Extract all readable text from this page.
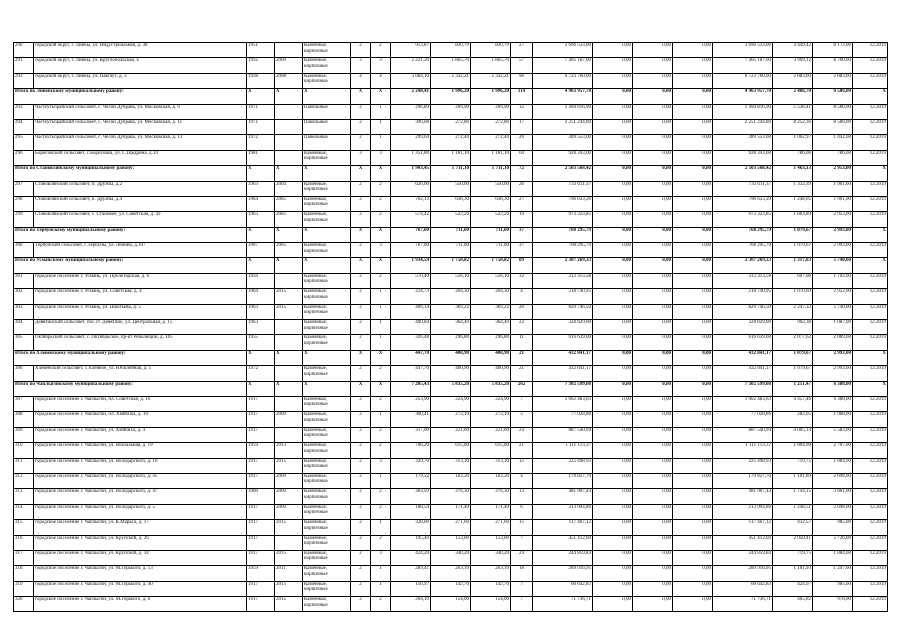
290	городской округ, г. Ливны, ул. Индустриальная, д. 38	1951		Каменные, кирпичные	2	2	913,87	830,79	830,79	27	3 696 533,00	0,00	0,00	0,00	3 696 533,00	4 449,42	8 172,00	12.2019
291	городской округ, г. Ливны, ул. Круглопольская, 4	1932	2009	Каменные, кирпичные	3	3	2 231,20	1 865,70	1 865,70	57	7 405 187,00	0,00	0,00	0,00	7 405 187,00	3 969,12	8 700,00	12.2019
292	городской округ, г. Ливны, ул. Пакгауз, д. 3	1938	2008	Каменные, кирпичные	4	4	3 684,10	2 332,21	2 332,21	96	6 723 760,00	0,00	0,00	0,00	6 723 760,00	2 883,00	2 883,00	12.2019
Итого по Ливенскому муниципальному району:		X	X	X	X	X	2 248,41	1 996,20	1 996,20	114	4 963 957,70	0,00	0,00	0,00	4 963 957,70	2 486,70	8 586,00	X
293	Частоутьбрайский сельсовет, с. Чесон Дубрава, ул. Московская, д. 9	1971		Панельные	2	1	296,89	269,90	269,90	12	1 494 816,90	0,00	0,00	0,00	1 494 816,90	5 538,41	8 586,00	12.2019
294	Частоутьбрайский сельсовет, с. Чесон Дубрава, ул. Московская, д. 11	1971		Панельные	2	1	390,08	272,80	272,80	17	2 251 244,80	0,00	0,00	0,00	2 251 244,80	8 252,36	8 586,00	12.2019
295	Частоутьбрайский сельсовет, с. Чесон Дубрава, ул. Московская, д. 13	1972		Панельные	2	1	299,64	272,40	272,40	20	289 553,00	0,00	0,00	0,00	289 553,00	1 062,97	1 442,00	12.2019
296	Борисовский сельсовет, с.Борисовка, ул. С.Щедрина, д.14	1981		Каменные, кирпичные	3	3	1 351,80	1 181,10	1 181,10	64	928 343,00	0,00	0,00	0,00	928 343,00	786,06	786,00	12.2019
Итого по Становлянскому муниципальному району:		X	X	X	X	X	1 903,45	1 711,10	1 711,10	72	2 503 568,42	0,00	0,00	0,00	2 503 568,42	1 463,13	2 953,00	X
297	Становлянский сельсовет, п. Дружба, д.2	1963	2004	Каменные, кирпичные	2	2	626,00	550,60	550,60	26	733 611,37	0,00	0,00	0,00	733 611,37	1 332,39	1 901,00	12.2019
298	Становлянский сельсовет, п. Дружба, д.4	1964	2005	Каменные, кирпичные	2	2	702,13	638,30	638,30	27	796 633,20	0,00	0,00	0,00	796 633,20	1 248,05	1 901,00	12.2019
299	Становлянский сельсовет, с. Становое, ул. Советская, д. 43	1963	2005	Каменные, кирпичные	2	2	574,42	522,20	522,20	19	973 323,85	0,00	0,00	0,00	973 323,85	1 863,89	2 953,00	12.2019
Итого по Тербунскому муниципальному району:		X	X	X	X	X	767,60	711,60	711,60	37	768 295,79	0,00	0,00	0,00	768 295,79	1 079,67	2 993,00	X
300	Тербунский сельсовет, с.Тербуны, ул. Ленина, д.107	1967	2005	Каменные, кирпичные	2	3	767,60	711,60	711,60	37	768 295,79	0,00	0,00	0,00	768 295,79	1 079,67	2 993,00	12.2019
Итого по Усманскому муниципальному району:		X	X	X	X	X	1 934,59	1 750,82	1 750,82	89	2 307 269,33	0,00	0,00	0,00	2 307 269,33	1 317,83	5 740,00	X
301	городское поселение г. Усмань, ул. Пролетарская, д. 6	1950		Каменные, кирпичные	2	2	570,40	516,10	516,10	32	313 313,58	0,00	0,00	0,00	313 313,58	607,08	1 702,00	12.2019
302	городское поселение г. Усмань, ул. Советская, д. 4	1964	2015	Каменные, кирпичные	2	1	224,73	204,30	204,30	4	218 740,95	0,00	0,00	0,00	218 740,95	1 070,69	2 952,00	12.2019
303	городское поселение г. Усмань, ул. Шкотьевь, д. 5	1963	2015	Каменные, кирпичные	2	1	406,14	369,22	369,22	20	829 746,50	0,00	0,00	0,00	829 746,50	2 247,33	5 740,00	12.2019
304	Девятинский сельсовет, пос.ст. Девятино, ул. Центральная, д. 15	1963		Каменные, кирпичные	2	1	400,84	364,40	364,40	22	328 829,00	0,00	0,00	0,00	328 829,00	902,38	1 087,00	12.2019
305	Октябрьский сельсовет, с. Октябрьское, пр-кт Революции, д. 105	1955		Каменные, кирпичные	2	1	326,48	296,80	296,80	11	616 639,00	0,00	0,00	0,00	616 639,00	2 077,62	2 089,00	12.2019
Итого по Хлевенскому муниципальному району:		X	X	X	X	X	447,70	400,90	400,90	21	432 841,17	0,00	0,00	0,00	432 841,17	1 079,67	2 993,00	X
306	Хлевенский сельсовет, с.Хлевное, ул. Юбилейная, д. 5	1972		Каменные, кирпичные	2	2	447,70	400,90	400,90	21	432 841,17	0,00	0,00	0,00	432 841,17	1 079,67	2 993,00	12.2019
Итого по Чаплыгинскому муниципальному району:		X	X	X	X	X	7 205,43	5 835,20	5 835,20	262	7 302 599,08	0,00	0,00	0,00	7 302 599,08	1 251,47	6 388,00	X
307	городское поселение г. Чаплыгин, пл. Советская, д. 16	1917		Каменные, кирпичные	2	2	253,90	224,90	224,90	7	1 002 483,63	0,00	0,00	0,00	1 002 483,63	4 457,46	6 388,00	12.2019
308	городское поселение г. Чаплыгин, пл. Хмйбиха, д. 10	1917	2009	Каменные, кирпичные	2	1	300,41	273,10	273,10	5	77 028,86	0,00	0,00	0,00	77 028,86	282,05	1 988,00	12.2019
309	городское поселение г. Чаплыгин, ул. Хмйбиха, д. 4	1917		Каменные, кирпичные	2	2	317,00	221,60	221,60	24	887 540,94	0,00	0,00	0,00	887 540,94	4 005,14	5 583,00	12.2019
310	городское поселение г. Чаплыгин, ул. Вокзальная, д. 19	1959	2013	Каменные, кирпичные	2	2	706,20	615,60	615,60	21	1 111 113,37	0,00	0,00	0,00	1 111 113,37	1 804,99	2 707,00	12.2019
311	городское поселение г. Чаплыгин, ул. Володарского, д. 10	1917	2015	Каменные, кирпичные	2	3	329,70	313,30	313,30	15	225 498,93	0,00	0,00	0,00	225 498,93	719,75	1 884,00	12.2019
312	городское поселение г. Чаплыгин, ул. Володарского, д. 45	1917	2009	Каменные, кирпичные	2	1	179,52	163,20	163,20	4	179 827,70	0,00	0,00	0,00	179 827,70	1 101,89	2 698,00	12.2019
313	городское поселение г. Чаплыгин, ул. Володарского, д. 47	1960	2009	Каменные, кирпичные	2	2	303,93	276,30	276,30	13	481 907,44	0,00	0,00	0,00	481 907,44	1 744,15	3 861,00	12.2019
314	городское поселение г. Чаплыгин, ул. Володарского, д. 5	1917	2009	Каменные, кирпичные	2	2	188,54	171,40	171,40	6	213 994,86	0,00	0,00	0,00	213 994,86	1 248,51	2 698,00	12.2019
315	городское поселение г. Чаплыгин, ул. К.Маркса, д. 17	1917	2015	Каменные, кирпичные	2	1	328,00	271,60	271,60	15	117 467,12	0,00	0,00	0,00	117 467,12	432,57	985,00	12.2019
316	городское поселение г. Чаплыгин, ул. Крупской, д. 26	1917		Каменные, кирпичные	2	2	195,40	153,00	153,00	7	451 412,69	0,00	0,00	0,00	451 412,69	2 950,41	5 726,00	12.2019
317	городское поселение г. Чаплыгин, ул. Крупской, д. 34	1917	2015	Каменные, кирпичные	2	3	424,20	340,20	340,20	24	244 859,84	0,00	0,00	0,00	244 859,84	719,75	1 884,00	12.2019
318	городское поселение г. Чаплыгин, ул. М.Горького, д. 13	1959	2011	Каменные, кирпичные	2	1	289,41	263,10	263,10	18	289 916,95	0,00	0,00	0,00	289 916,95	1 101,93	1 247,00	12.2019
319	городское поселение г. Чаплыгин, ул. М.Горького, д. 40	1917	2015	Каменные, кирпичные	2	1	156,97	142,70	142,70	7	60 642,83	0,00	0,00	0,00	60 642,83	424,97	985,00	12.2019
320	городское поселение г. Чаплыгин, ул. М.Горького, д. 6	1917	2015	Каменные, кирпичные	2	2	264,10	154,00	154,00	7	71 736,71	0,00	0,00	0,00	71 736,71	465,82	978,00	12.2019
